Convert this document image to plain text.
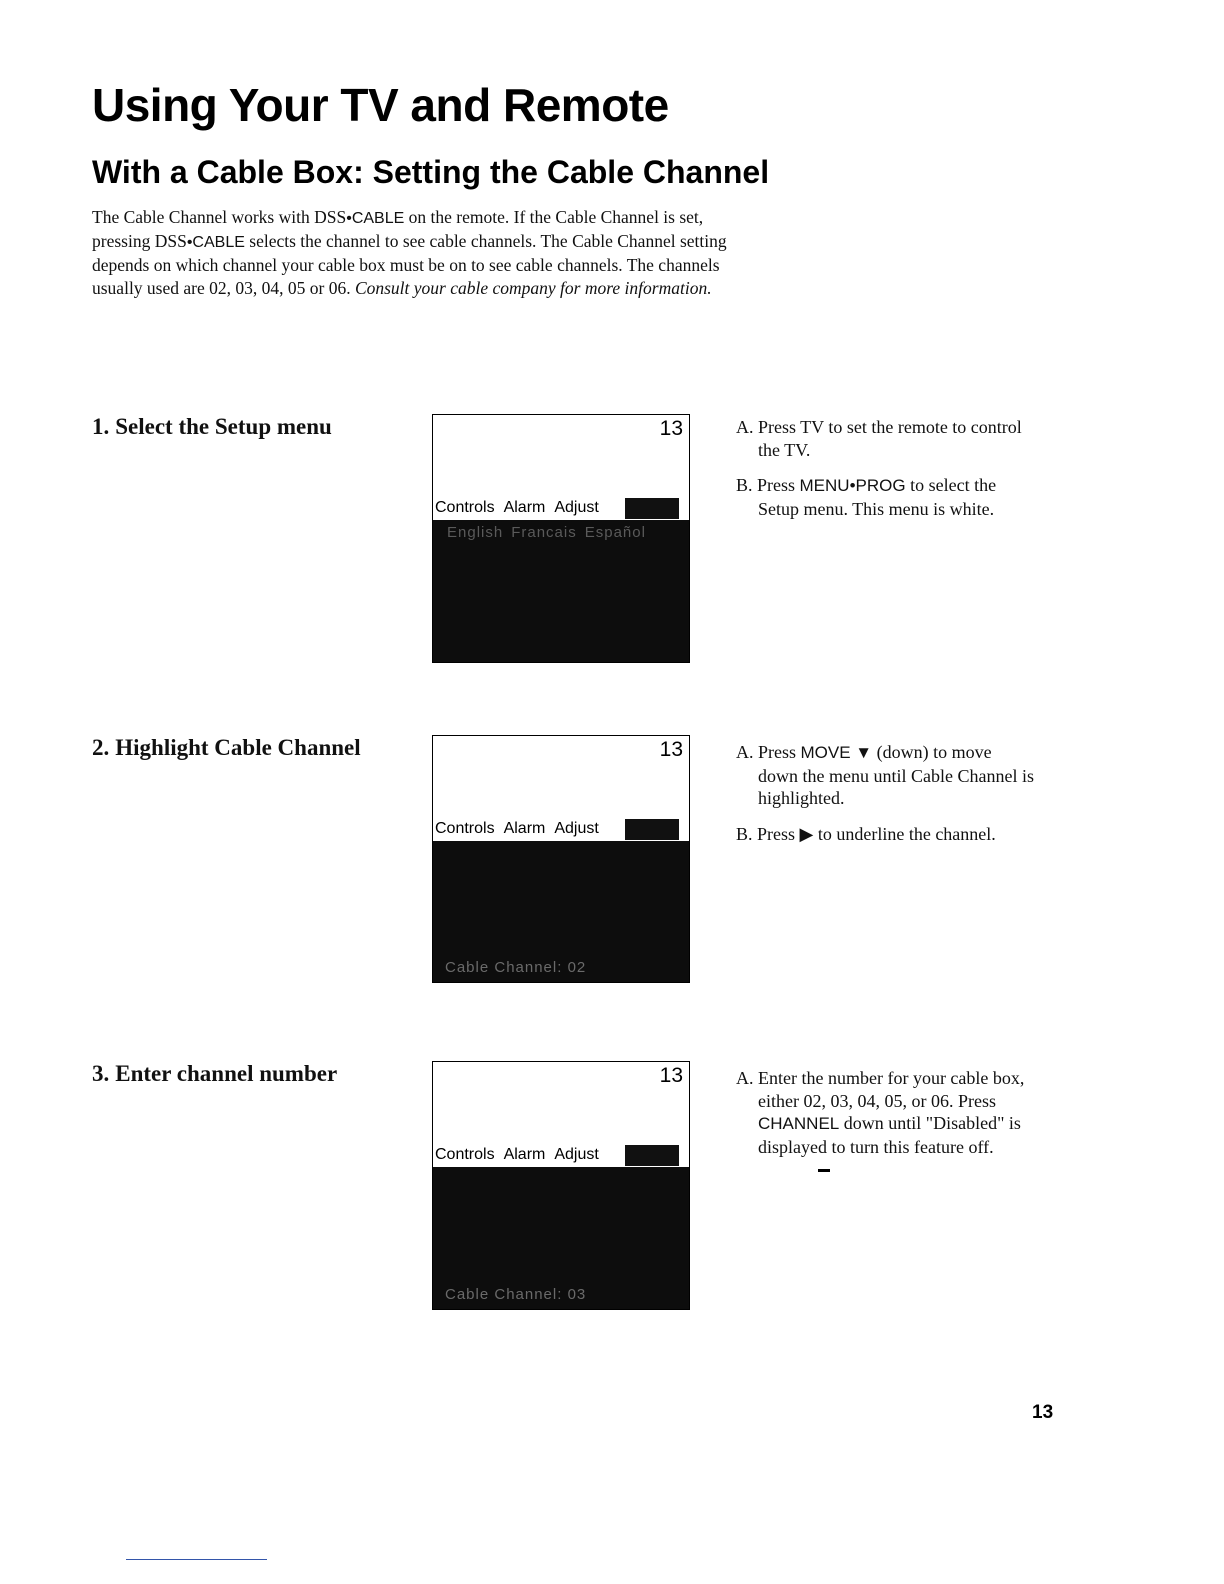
Using Your TV and Remote
With a Cable Box: Setting the Cable Channel

The Cable Channel works with DSS•CABLE on the remote. If the Cable Channel is set, pressing DSS•CABLE selects the channel to see cable channels. The Cable Channel setting depends on which channel your cable box must be on to see cable channels. The channels usually used are 02, 03, 04, 05 or 06. Consult your cable company for more information.

1. Select the Setup menu	13
Controls Alarm Adjust
English Francais Español
A. Press TV to set the remote to control the TV.
B. Press MENU•PROG to select the Setup menu. This menu is white.
2. Highlight Cable Channel	13
Controls Alarm Adjust
Cable Channel: 02
A. Press MOVE ▼ (down) to move down the menu until Cable Channel is highlighted.
B. Press ▶ to underline the channel.
3. Enter channel number	13
Controls Alarm Adjust
Cable Channel: 03
A. Enter the number for your cable box, either 02, 03, 04, 05, or 06. Press CHANNEL down until "Disabled" is displayed to turn this feature off.
13
